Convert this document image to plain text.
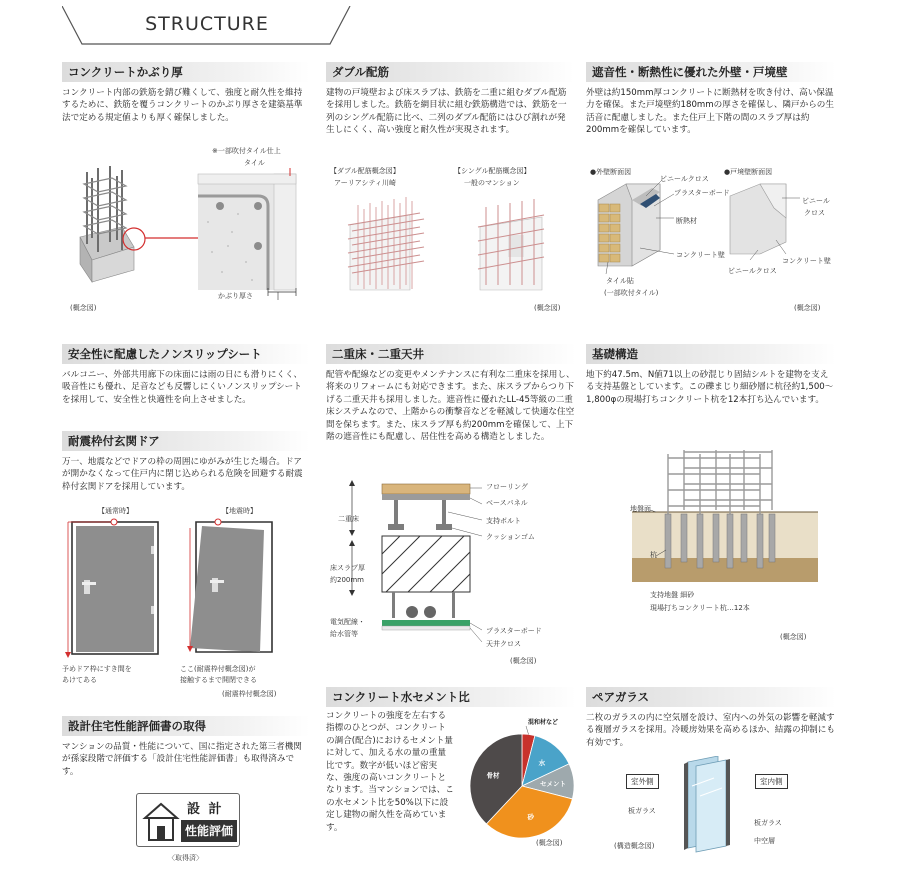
STRUCTURE
コンクリートかぶり厚
コンクリート内部の鉄筋を錆び難くして、強度と耐久性を維持するために、鉄筋を覆うコンクリートのかぶり厚さを建築基準法で定める規定値よりも厚く確保しました。
※一部吹付タイル仕上
タイル
かぶり厚さ
(概念図)
ダブル配筋
建物の戸境壁および床スラブは、鉄筋を二重に組むダブル配筋を採用しました。鉄筋を網目状に組む鉄筋構造では、鉄筋を一列のシングル配筋に比べ、二列のダブル配筋にはひび割れが発生しにくく、高い強度と耐久性が実現されます。
【ダブル配筋概念図】
アーリアシティ川崎
【シングル配筋概念図】
一般のマンション
(概念図)
遮音性・断熱性に優れた外壁・戸境壁
外壁は約150mm厚コンクリートに断熱材を吹き付け、高い保温力を確保。また戸境壁約180mmの厚さを確保し、隣戸からの生活音に配慮しました。また住戸上下階の間のスラブ厚は約200mmを確保しています。
●外壁断面図	●戸境壁断面図
ビニールクロス
プラスターボード
断熱材
コンクリート壁
タイル貼
(一部吹付タイル)
ビニール
クロス
コンクリート壁
ビニールクロス
(概念図)
安全性に配慮したノンスリップシート
バルコニー、外部共用廊下の床面には雨の日にも滑りにくく、吸音性にも優れ、足音なども反響しにくいノンスリップシートを採用して、安全性と快適性を向上させました。
耐震枠付玄関ドア
万一、地震などでドアの枠の周囲にゆがみが生じた場合。ドアが開かなくなって住戸内に閉じ込められる危険を回避する耐震枠付玄関ドアを採用しています。
【通常時】	【地震時】
予めドア枠にすき間を
あけてある
ここ(耐震枠付概念図)が
接触するまで開閉できる
(耐震枠付概念図)
設計住宅性能評価書の取得
マンションの品質・性能について、国に指定された第三者機関が孫家段階で評価する「設計住宅性能評価書」も取得済みです。
設 計
性能評価
〈取得済〉
二重床・二重天井
配管や配線などの変更やメンテナンスに有利な二重床を採用し、将来のリフォームにも対応できます。また、床スラブからつり下げる二重天井も採用しました。遮音性に優れたLL-45等級の二重床システムなので、上階からの衝撃音などを軽減して快適な住空間を保ちます。また、床スラブ厚も約200mmを確保して、上下階の遮音性にも配慮し、居住性を高める構造としました。
二重床
床スラブ厚
約200mm
電気配線・
給水管等
フローリング
ベースパネル
支持ボルト
クッションゴム
プラスターボード
天井クロス
(概念図)
コンクリート水セメント比
コンクリートの強度を左右する指標のひとつが、コンクリートの調合(配合)におけるセメント量に対して、加える水の量の重量比です。数字が低いほど密実な、強度の高いコンクリートとなります。当マンションでは、この水セメント比を50%以下に設定し建物の耐久性を高めています。
混和材など
水
セメント
砂
骨材
(概念図)
基礎構造
地下約47.5m、N値71以上の砂混じり固結シルトを建物を支える支持基盤としています。この礫まじり細砂層に杭径約1,500～1,800φの現場打ちコンクリート杭を12本打ち込んでいます。
地盤面
杭
支持地盤 細砂
現場打ちコンクリート杭…12本
(概念図)
ペアガラス
二枚のガラスの内に空気層を設け、室内への外気の影響を軽減する複層ガラスを採用。冷暖房効果を高めるほか、結露の抑制にも有効です。
室外側	室内側
板ガラス
板ガラス
中空層
(構造概念図)
